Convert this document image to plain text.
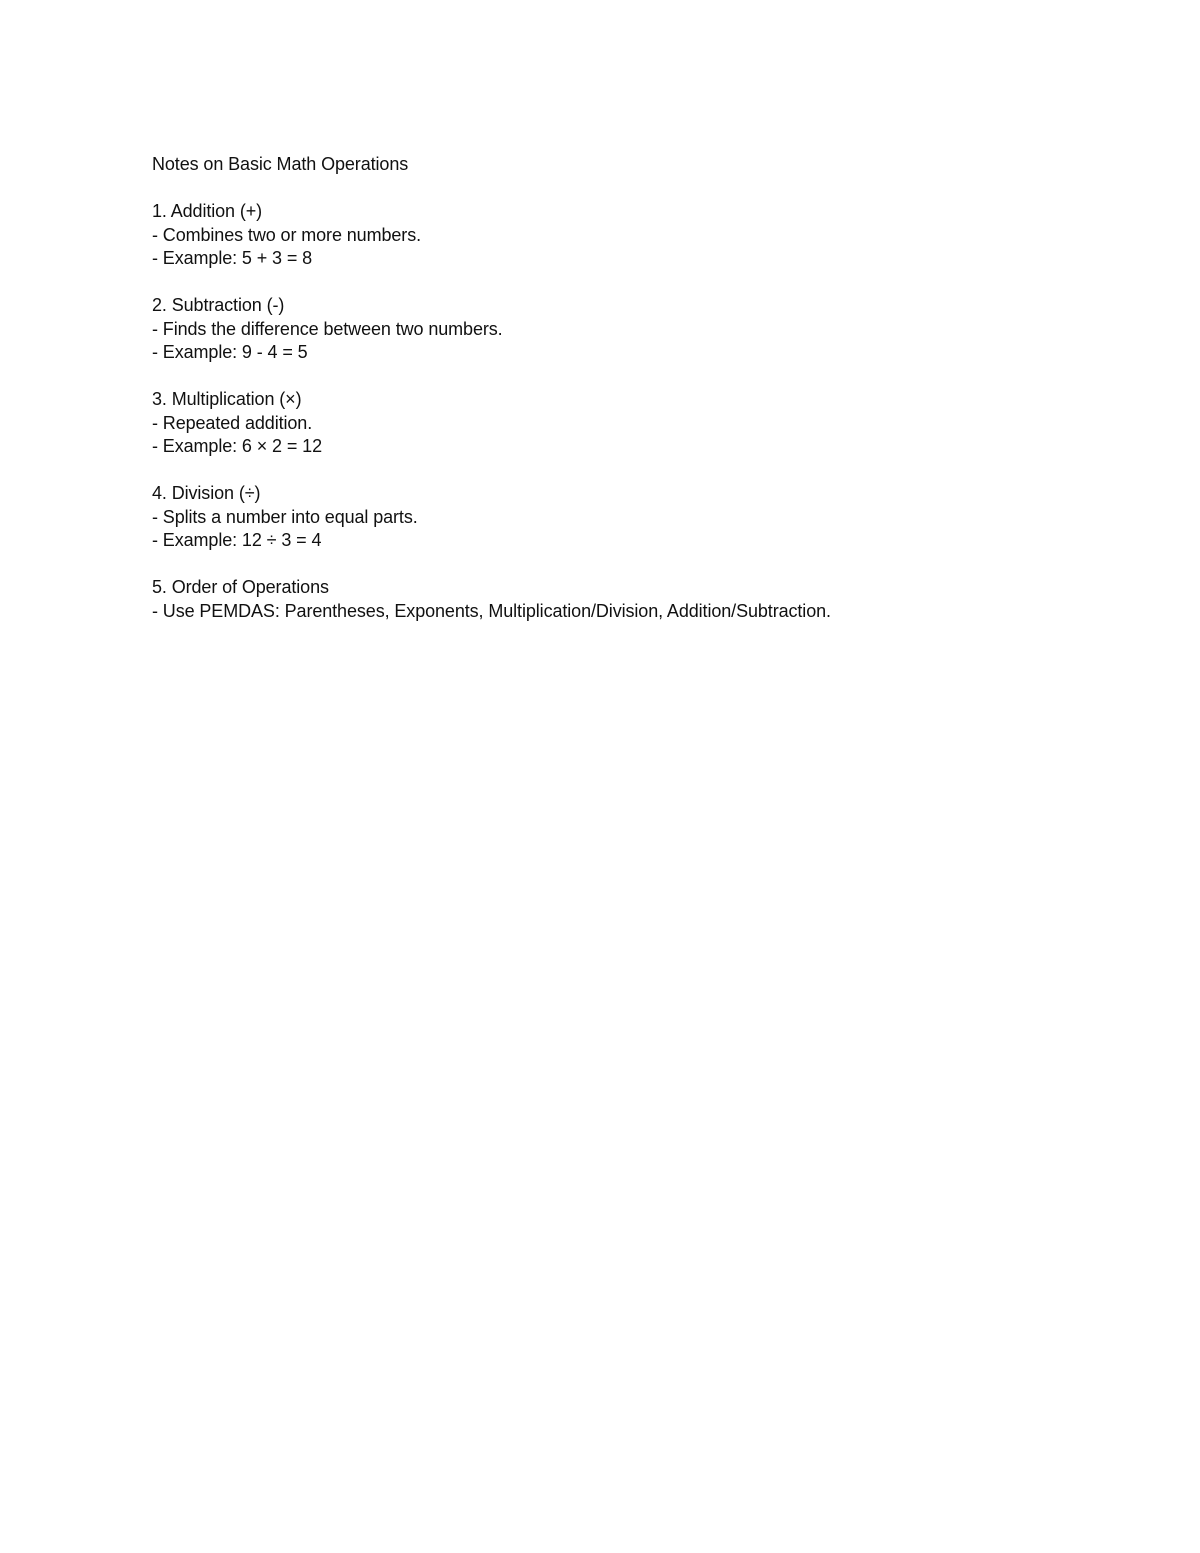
Notes on Basic Math Operations
1. Addition (+)
- Combines two or more numbers.
- Example: 5 + 3 = 8
2. Subtraction (-)
- Finds the difference between two numbers.
- Example: 9 - 4 = 5
3. Multiplication (×)
- Repeated addition.
- Example: 6 × 2 = 12
4. Division (÷)
- Splits a number into equal parts.
- Example: 12 ÷ 3 = 4
5. Order of Operations
- Use PEMDAS: Parentheses, Exponents, Multiplication/Division, Addition/Subtraction.
